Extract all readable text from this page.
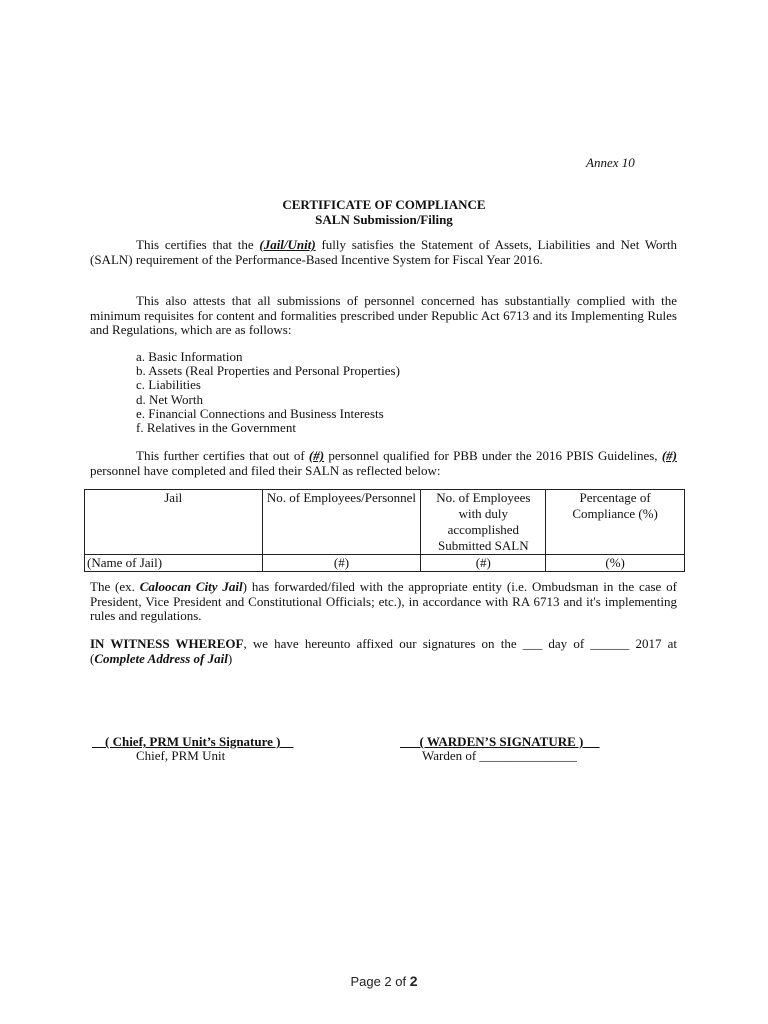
Annex 10
CERTIFICATE OF COMPLIANCE
SALN Submission/Filing
This certifies that the (Jail/Unit) fully satisfies the Statement of Assets, Liabilities and Net Worth (SALN) requirement of the Performance-Based Incentive System for Fiscal Year 2016.
This also attests that all submissions of personnel concerned has substantially complied with the minimum requisites for content and formalities prescribed under Republic Act 6713 and its Implementing Rules and Regulations, which are as follows:
a. Basic Information
b. Assets (Real Properties and Personal Properties)
c. Liabilities
d. Net Worth
e. Financial Connections and Business Interests
f. Relatives in the Government
This further certifies that out of (#) personnel qualified for PBB under the 2016 PBIS Guidelines, (#) personnel have completed and filed their SALN as reflected below:
Jail	No. of Employees/Personnel	No. of Employees with duly accomplished Submitted SALN	Percentage of Compliance (%)
(Name of Jail)	(#)	(#)	(%)
The (ex. Caloocan City Jail) has forwarded/filed with the appropriate entity (i.e. Ombudsman in the case of President, Vice President and Constitutional Officials; etc.), in accordance with RA 6713 and it's implementing rules and regulations.
IN WITNESS WHEREOF, we have hereunto affixed our signatures on the ___ day of ______ 2017 at (Complete Address of Jail)
( Chief, PRM Unit’s Signature )
Chief, PRM Unit
( WARDEN’S SIGNATURE )
Warden of _______________
Page 2 of 2
